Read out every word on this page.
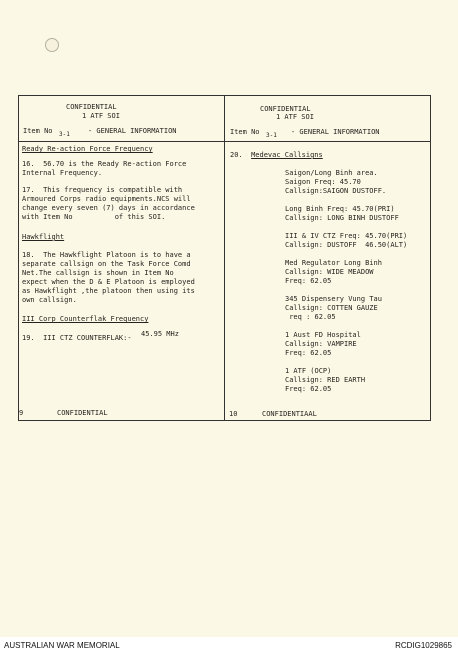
CONFIDENTIAL
1 ATF SOI
Item No 3-1	- GENERAL INFORMATION
Ready Re-action Force Frequency
16.  56.70 is the Ready Re-action Force
Internal Frequency.
17.  This frequency is compatible with
Armoured Corps radio equipments.NCS will
change every seven (7) days in accordance
with Item No          of this SOI.
Hawkflight
18.  The Hawkflight Platoon is to have a
separate callsign on the Task Force Comd
Net.The callsign is shown in Item No
expect when the D & E Platoon is employed
as Hawkflight ,the platoon then using its
own callsign.
III Corp Counterflak Frequency
19.  III CTZ COUNTERFLAK:- 45.95 MHz
9	CONFIDENTIAL
CONFIDENTIAL
1 ATF SOI
Item No 3-1 - GENERAL INFORMATION
20.  Medevac Callsigns
Saigon/Long Binh area.
Saigon Freq: 45.70
Callsign:SAIGON DUSTOFF.
Long Binh Freq: 45.70(PRI)
Callsign: LONG BINH DUSTOFF
III & IV CTZ Freq: 45.70(PRI)
Callsign: DUSTOFF  46.50(ALT)
Med Regulator Long Binh
Callsign: WIDE MEADOW
Freq: 62.05
345 Dispensery Vung Tau
Callsign: COTTEN GAUZE
req : 62.05
1 Aust FD Hospital
Callsign: VAMPIRE
Freq: 62.05
1 ATF (OCP)
Callsign: RED EARTH
Freq: 62.05
10	CONFIDENTIAAL
AUSTRALIAN WAR MEMORIAL	RCDIG1029865
